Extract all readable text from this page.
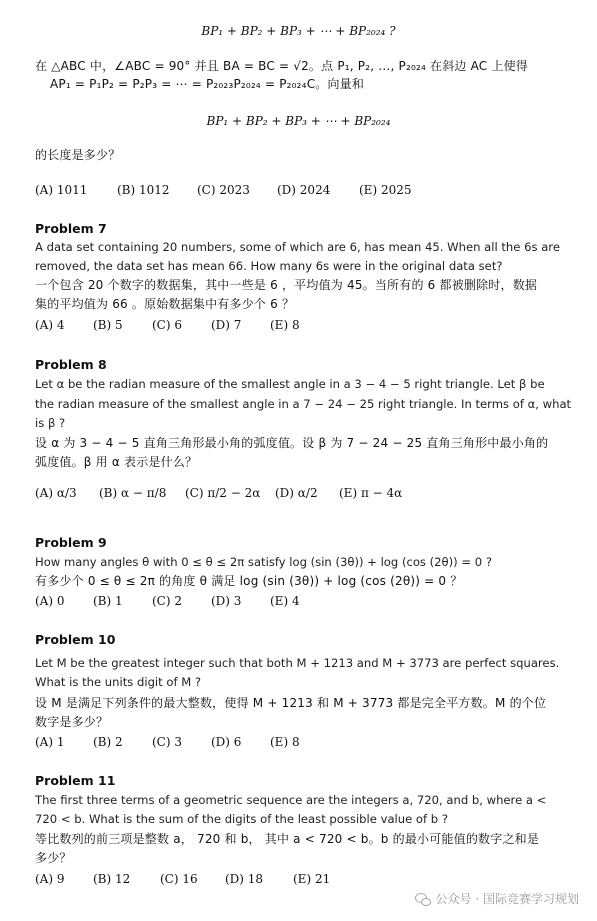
BP₁ + BP₂ + BP₃ + ⋯ + BP₂₀₂₄ ?
在 △ABC 中，∠ABC = 90° 并且 BA = BC = √2。点 P₁, P₂, …, P₂₀₂₄ 在斜边 AC 上使得
AP₁ = P₁P₂ = P₂P₃ = ⋯ = P₂₀₂₃P₂₀₂₄ = P₂₀₂₄C。向量和
BP₁ + BP₂ + BP₃ + ⋯ + BP₂₀₂₄
的长度是多少？
(A) 1011	(B) 1012	(C) 2023	(D) 2024	(E) 2025
Problem 7
A data set containing 20 numbers, some of which are 6, has mean 45. When all the 6s are
removed, the data set has mean 66. How many 6s were in the original data set?
一个包含 20 个数字的数据集，其中一些是 6 ，平均值为 45。当所有的 6 都被删除时，数据
集的平均值为 66 。原始数据集中有多少个 6 ？
(A) 4	(B) 5	(C) 6	(D) 7	(E) 8
Problem 8
Let α be the radian measure of the smallest angle in a 3 − 4 − 5 right triangle. Let β be
the radian measure of the smallest angle in a 7 − 24 − 25 right triangle. In terms of α, what
is β ?
设 α 为 3 − 4 − 5 直角三角形最小角的弧度值。设 β 为 7 − 24 − 25 直角三角形中最小角的
弧度值。β 用 α 表示是什么？
(A) α/3	(B) α − π/8	(C) π/2 − 2α	(D) α/2	(E) π − 4α
Problem 9
How many angles θ with 0 ≤ θ ≤ 2π satisfy log (sin (3θ)) + log (cos (2θ)) = 0 ?
有多少个 0 ≤ θ ≤ 2π 的角度 θ 满足 log (sin (3θ)) + log (cos (2θ)) = 0 ？
(A) 0	(B) 1	(C) 2	(D) 3	(E) 4
Problem 10
Let M be the greatest integer such that both M + 1213 and M + 3773 are perfect squares.
What is the units digit of M ?
设 M 是满足下列条件的最大整数，使得 M + 1213 和 M + 3773 都是完全平方数。M 的个位
数字是多少？
(A) 1	(B) 2	(C) 3	(D) 6	(E) 8
Problem 11
The first three terms of a geometric sequence are the integers a, 720, and b, where a <
720 < b. What is the sum of the digits of the least possible value of b ?
等比数列的前三项是整数 a， 720 和 b， 其中 a < 720 < b。b 的最小可能值的数字之和是
多少？
(A) 9	(B) 12	(C) 16	(D) 18	(E) 21
公众号 · 国际竞赛学习规划
